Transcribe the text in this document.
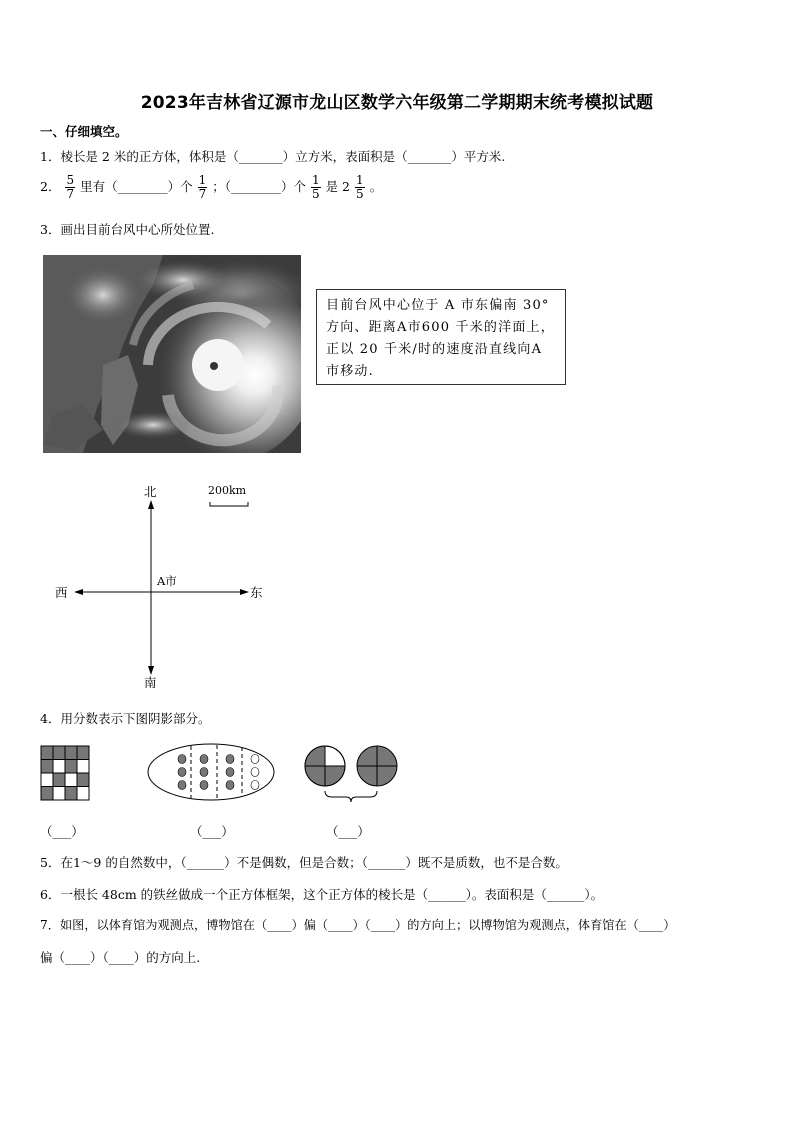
2023年吉林省辽源市龙山区数学六年级第二学期期末统考模拟试题
一、仔细填空。
1．棱长是 2 米的正方体，体积是（_______）立方米，表面积是（_______）平方米.
2． $\frac{5}{7}$ 里有（________）个 $\frac{1}{7}$ ；（________）个 $\frac{1}{5}$ 是 $2 \frac{1}{5}$ 。
3．画出目前台风中心所处位置.
目前台风中心位于 A 市东偏南 30° 方向、距离A市600 千米的洋面上，正以 20 千米/时的速度沿直线向A市移动.
北
南
西	东
A市
200km
4．用分数表示下图阴影部分。
（___）	（___）	（___）
5．在1～9 的自然数中，（______）不是偶数，但是合数；（______）既不是质数，也不是合数。
6．一根长 48cm 的铁丝做成一个正方体框架，这个正方体的棱长是（______）。表面积是（______）。
7．如图，以体育馆为观测点，博物馆在（____）偏（____）（____）的方向上；以博物馆为观测点，体育馆在（____）
偏（____）（____）的方向上.
